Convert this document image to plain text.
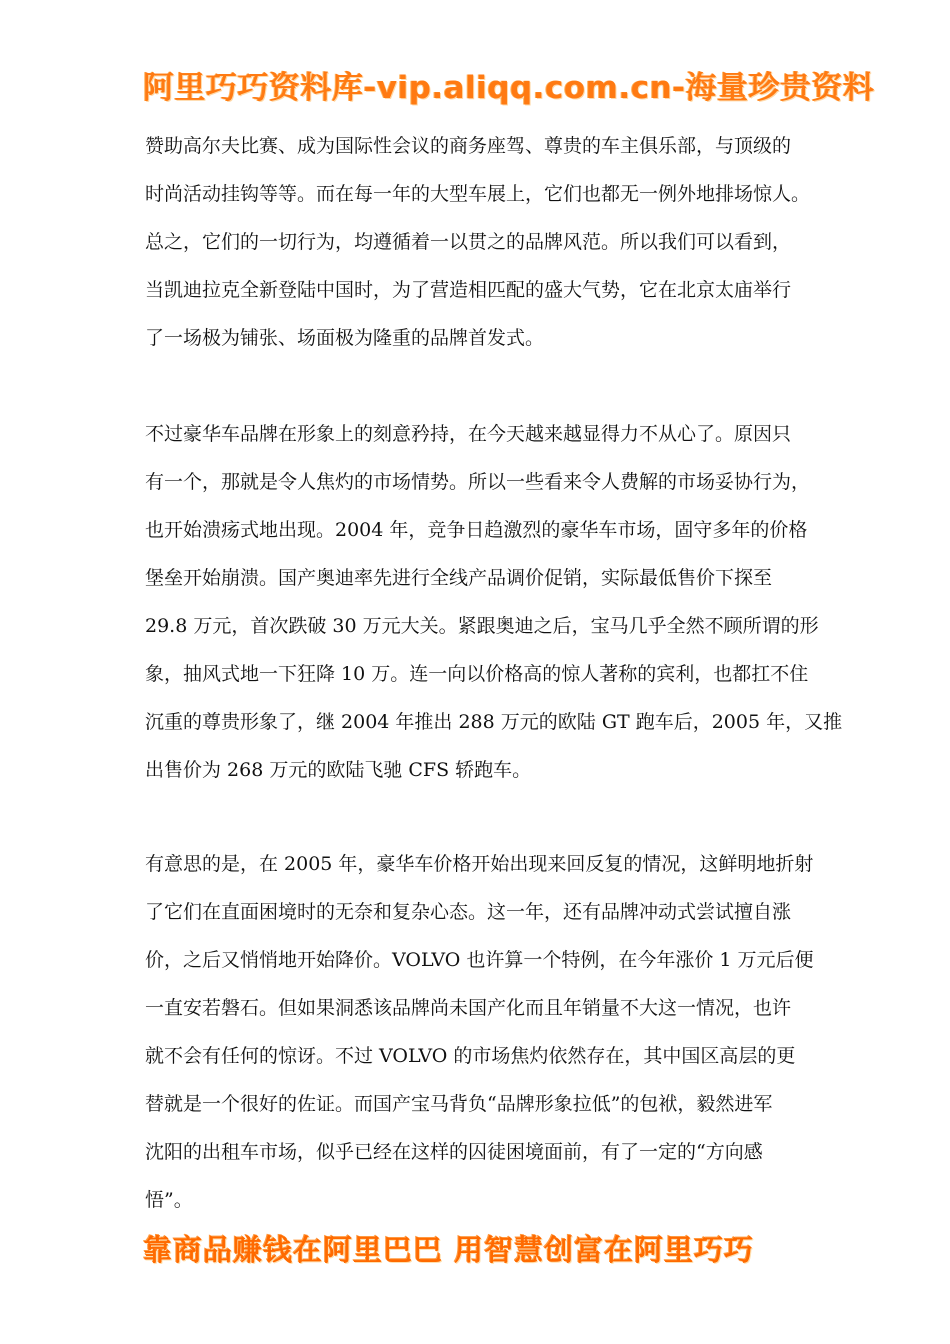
阿里巧巧资料库-vip.aliqq.com.cn-海量珍贵资料
赞助高尔夫比赛、成为国际性会议的商务座驾、尊贵的车主俱乐部，与顶级的
时尚活动挂钩等等。而在每一年的大型车展上，它们也都无一例外地排场惊人。
总之，它们的一切行为，均遵循着一以贯之的品牌风范。所以我们可以看到，
当凯迪拉克全新登陆中国时，为了营造相匹配的盛大气势，它在北京太庙举行
了一场极为铺张、场面极为隆重的品牌首发式。
不过豪华车品牌在形象上的刻意矜持，在今天越来越显得力不从心了。原因只
有一个，那就是令人焦灼的市场情势。所以一些看来令人费解的市场妥协行为，
也开始溃疡式地出现。2004 年，竞争日趋激烈的豪华车市场，固守多年的价格
堡垒开始崩溃。国产奥迪率先进行全线产品调价促销，实际最低售价下探至
29.8 万元，首次跌破 30 万元大关。紧跟奥迪之后，宝马几乎全然不顾所谓的形
象，抽风式地一下狂降 10 万。连一向以价格高的惊人著称的宾利，也都扛不住
沉重的尊贵形象了，继 2004 年推出 288 万元的欧陆 GT 跑车后，2005 年，又推
出售价为 268 万元的欧陆飞驰 CFS 轿跑车。
有意思的是，在 2005 年，豪华车价格开始出现来回反复的情况，这鲜明地折射
了它们在直面困境时的无奈和复杂心态。这一年，还有品牌冲动式尝试擅自涨
价，之后又悄悄地开始降价。VOLVO 也许算一个特例，在今年涨价 1 万元后便
一直安若磐石。但如果洞悉该品牌尚未国产化而且年销量不大这一情况，也许
就不会有任何的惊讶。不过 VOLVO 的市场焦灼依然存在，其中国区高层的更
替就是一个很好的佐证。而国产宝马背负“品牌形象拉低”的包袱，毅然进军
沈阳的出租车市场，似乎已经在这样的囚徒困境面前，有了一定的“方向感
悟”。
靠商品赚钱在阿里巴巴 用智慧创富在阿里巧巧
